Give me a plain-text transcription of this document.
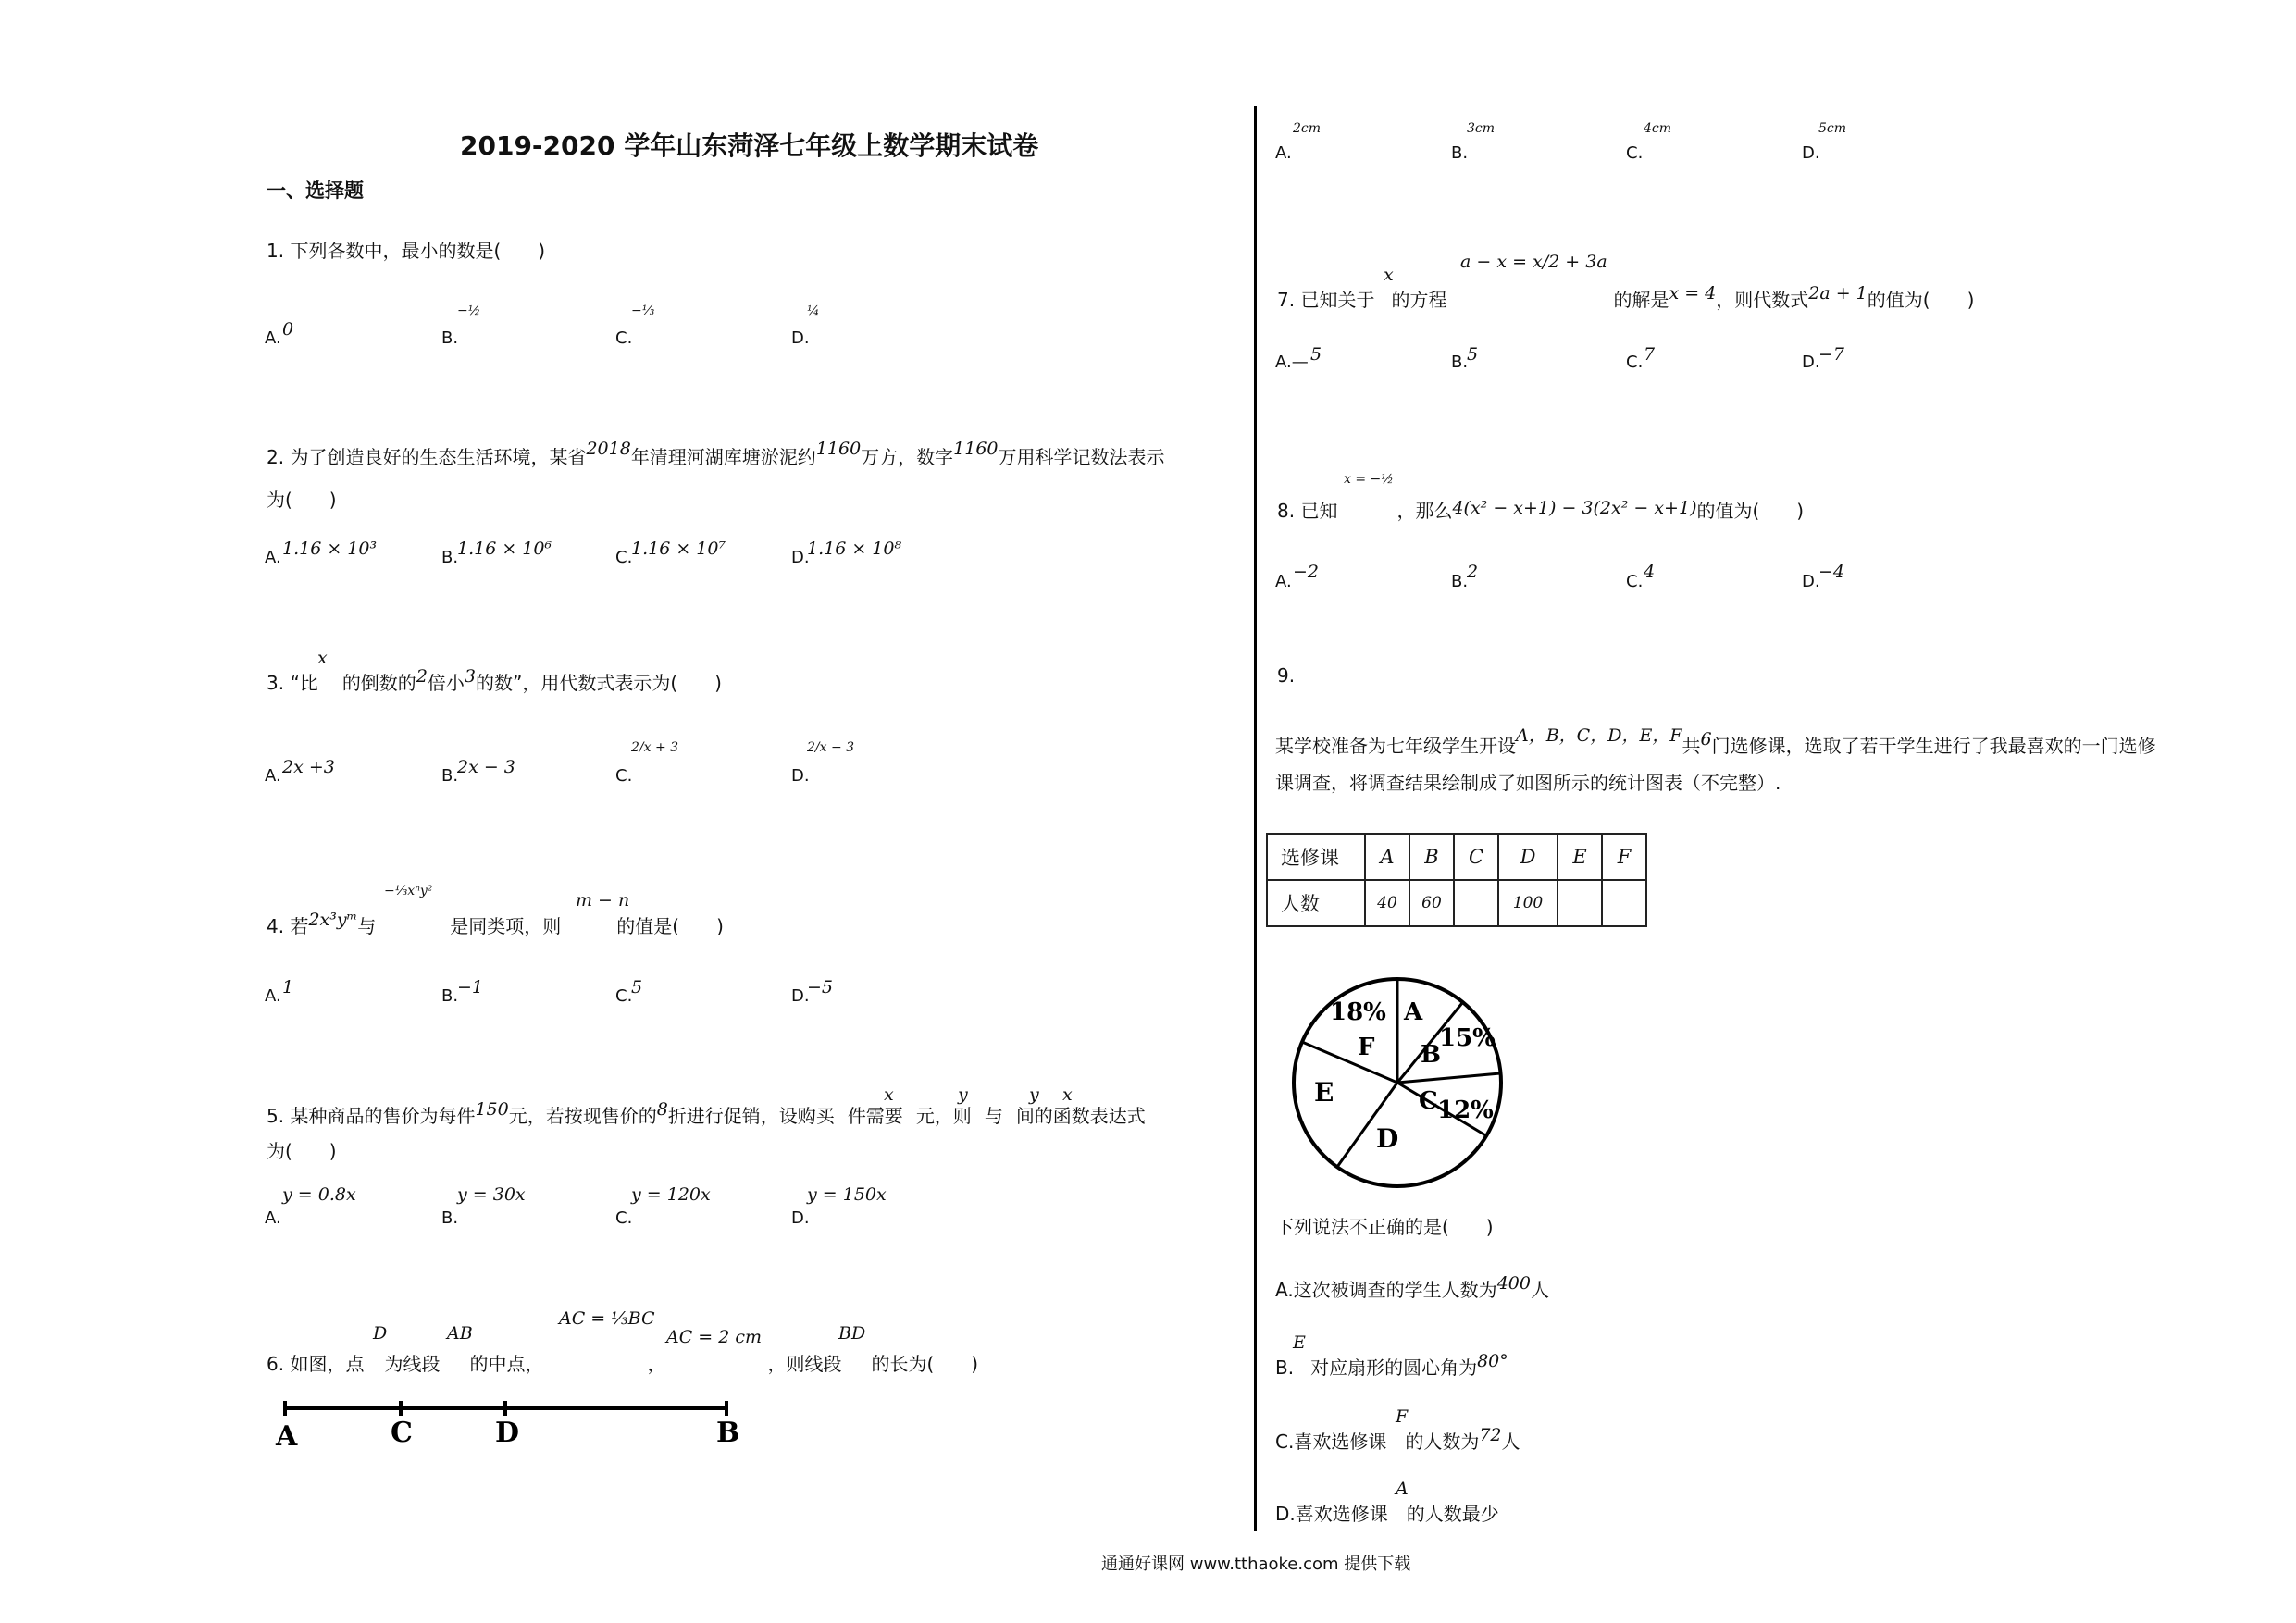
2019-2020 学年山东菏泽七年级上数学期末试卷
一、选择题
1. 下列各数中，最小的数是(　　)
A. 0	B.
−½
C.
−⅓
D.
¼
2. 为了创造良好的生态生活环境，某省2018年清理河湖库塘淤泥约1160万方，数字1160万用科学记数法表示
为(　　)
A. 1.16 × 10³	B.
1.16 × 10⁶	C.
1.16 × 10⁷	D.
1.16 × 10⁸
x
3. “比 的倒数的2倍小3的数”，用代数式表示为(　　)
A. 2x +3	B.
2x − 3	C.
2/x + 3
D.
2/x − 3
−⅓xⁿy²	m − n
4. 若2x³yᵐ与	是同类项，则	的值是(　　)
A. 1	B.
−1	C.
5	D.
−5
x	y	y x
5. 某种商品的售价为每件150元，若按现售价的8折进行促销，设购买 件需要 元，则 与 间的函数表达式
为(　　)
A.
y = 0.8x
B.
y = 30x
C.
y = 120x
D.
y = 150x
D	AB
AC = ⅓BC
AC = 2 cm	BD
6. 如图，点 为线段 的中点，	，	，则线段 的长为(　　)
A	C	D	B
A.
2cm
B.
3cm
C.
4cm
D.
5cm
x
a − x = x/2 + 3a
7. 已知关于 的方程	的解是x = 4，则代数式2a + 1的值为(　　)
A.— 5	B.
5	C. 7	D.
−7
x = −½
8. 已知	，那么4(x² − x+1) − 3(2x² − x+1)的值为(　　)
A. −2	B.
2	C. 4	D.
−4
9.
某学校准备为七年级学生开设A，B，C，D，E，F共6门选修课，选取了若干学生进行了我最喜欢的一门选修
课调查，将调查结果绘制成了如图所示的统计图表（不完整）.
选修课	A	B	C	D	E	F
人数	40	60		100		
18% A
F B
15%
E	C 12%
D
下列说法不正确的是(　　)
A.这次被调查的学生人数为400人
E
B. 对应扇形的圆心角为80°
F
C.喜欢选修课 的人数为72人
A
D.喜欢选修课 的人数最少
通通好课网 www.tthaoke.com 提供下载
